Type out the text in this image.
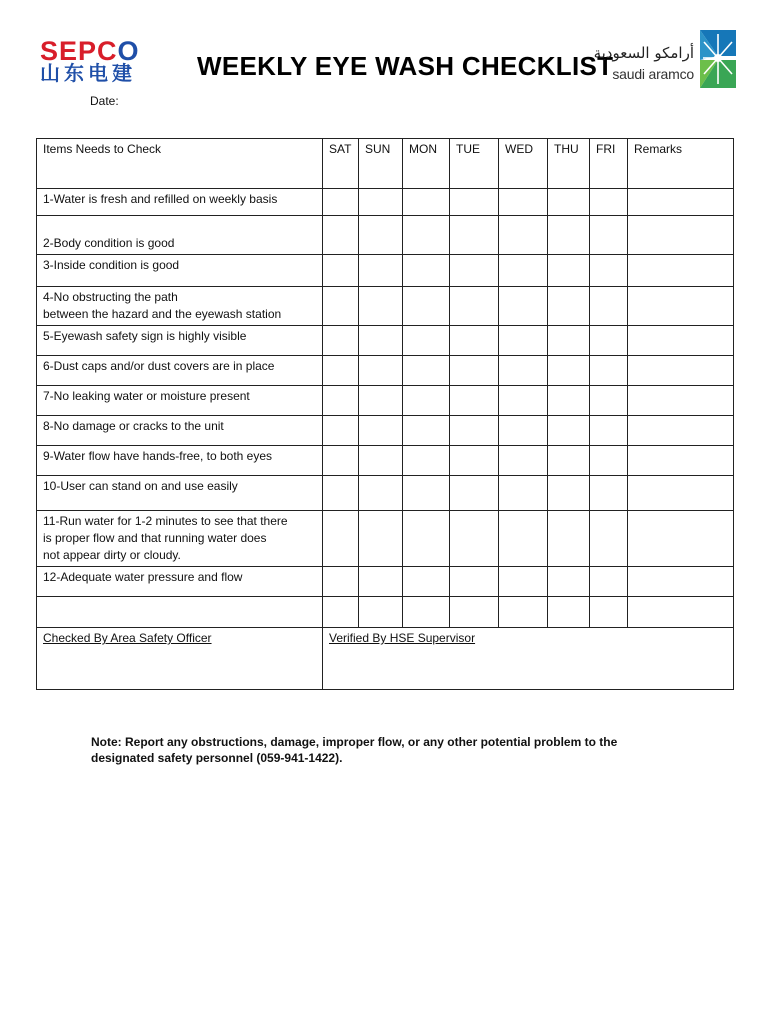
SEPCO
山东电建 WEEKLY EYE WASH CHECKLIST
أرامكو السعودية
saudi aramco
Date:
Items Needs to Check	SAT	SUN	MON	TUE	WED	THU	FRI	Remarks

1-Water is fresh and refilled on weekly basis								

2-Body condition is good								

3-Inside condition is good								

4-No obstructing the path
between the hazard and the eyewash station								

5-Eyewash safety sign is highly visible								

6-Dust caps and/or dust covers are in place								

7-No leaking water or moisture present								

8-No damage or cracks to the unit								

9-Water flow have hands-free, to both eyes								

10-User can stand on and use easily								

11-Run water for 1-2 minutes to see that there
is proper flow and that running water does
not appear dirty or cloudy.								

12-Adequate water pressure and flow								

Checked By Area Safety Officer	Verified By HSE Supervisor							
Note: Report any obstructions, damage, improper flow, or any other potential problem to the designated safety personnel (059-941-1422).
